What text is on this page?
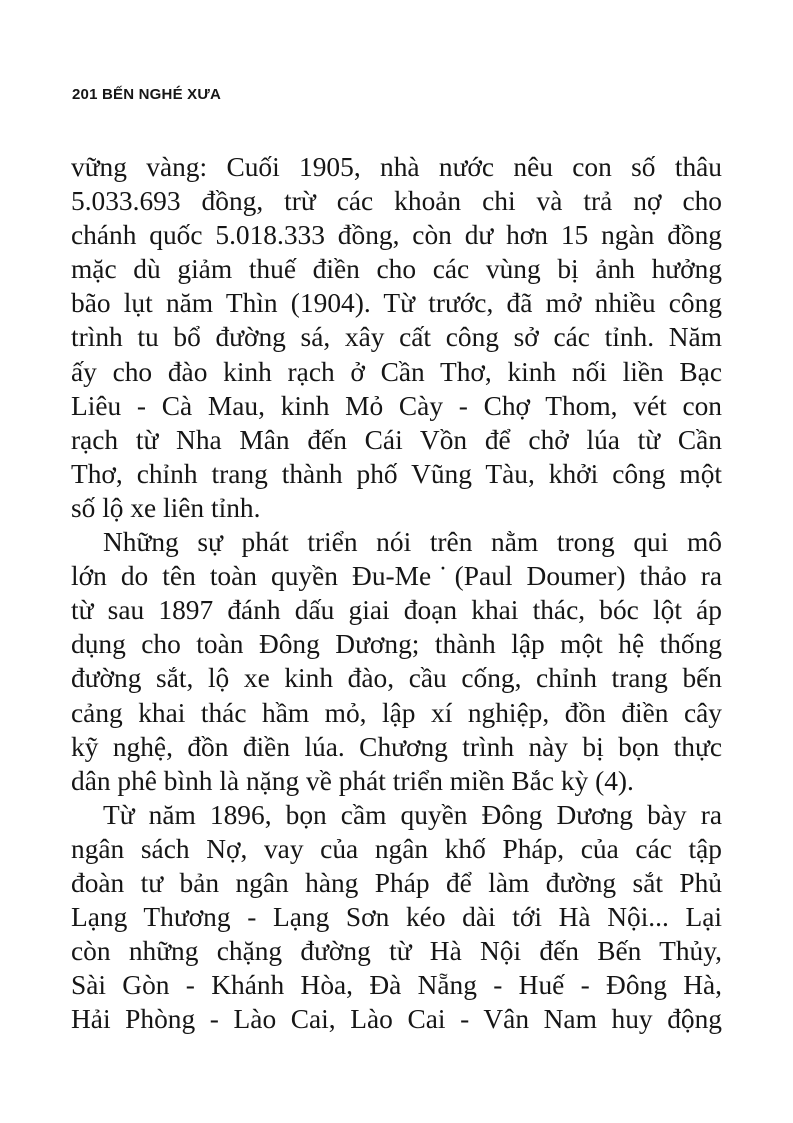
201 BẾN NGHÉ XƯA
vững vàng: Cuối 1905, nhà nước nêu con số thâu
5.033.693 đồng, trừ các khoản chi và trả nợ cho
chánh quốc 5.018.333 đồng, còn dư hơn 15 ngàn đồng
mặc dù giảm thuế điền cho các vùng bị ảnh hưởng
bão lụt năm Thìn (1904). Từ trước, đã mở nhiều công
trình tu bổ đường sá, xây cất công sở các tỉnh. Năm
ấy cho đào kinh rạch ở Cần Thơ, kinh nối liền Bạc
Liêu - Cà Mau, kinh Mỏ Cày - Chợ Thom, vét con
rạch từ Nha Mân đến Cái Vồn để chở lúa từ Cần
Thơ, chỉnh trang thành phố Vũng Tàu, khởi công một
số lộ xe liên tỉnh.
Những sự phát triển nói trên nằm trong qui mô
lớn do tên toàn quyền Đu-Me˙(Paul Doumer) thảo ra
từ sau 1897 đánh dấu giai đoạn khai thác, bóc lột áp
dụng cho toàn Đông Dương; thành lập một hệ thống
đường sắt, lộ xe kinh đào, cầu cống, chỉnh trang bến
cảng khai thác hầm mỏ, lập xí nghiệp, đồn điền cây
kỹ nghệ, đồn điền lúa. Chương trình này bị bọn thực
dân phê bình là nặng về phát triển miền Bắc kỳ (4).
Từ năm 1896, bọn cầm quyền Đông Dương bày ra
ngân sách Nợ, vay của ngân khố Pháp, của các tập
đoàn tư bản ngân hàng Pháp để làm đường sắt Phủ
Lạng Thương - Lạng Sơn kéo dài tới Hà Nội... Lại
còn những chặng đường từ Hà Nội đến Bến Thủy,
Sài Gòn - Khánh Hòa, Đà Nẵng - Huế - Đông Hà,
Hải Phòng - Lào Cai, Lào Cai - Vân Nam huy động
